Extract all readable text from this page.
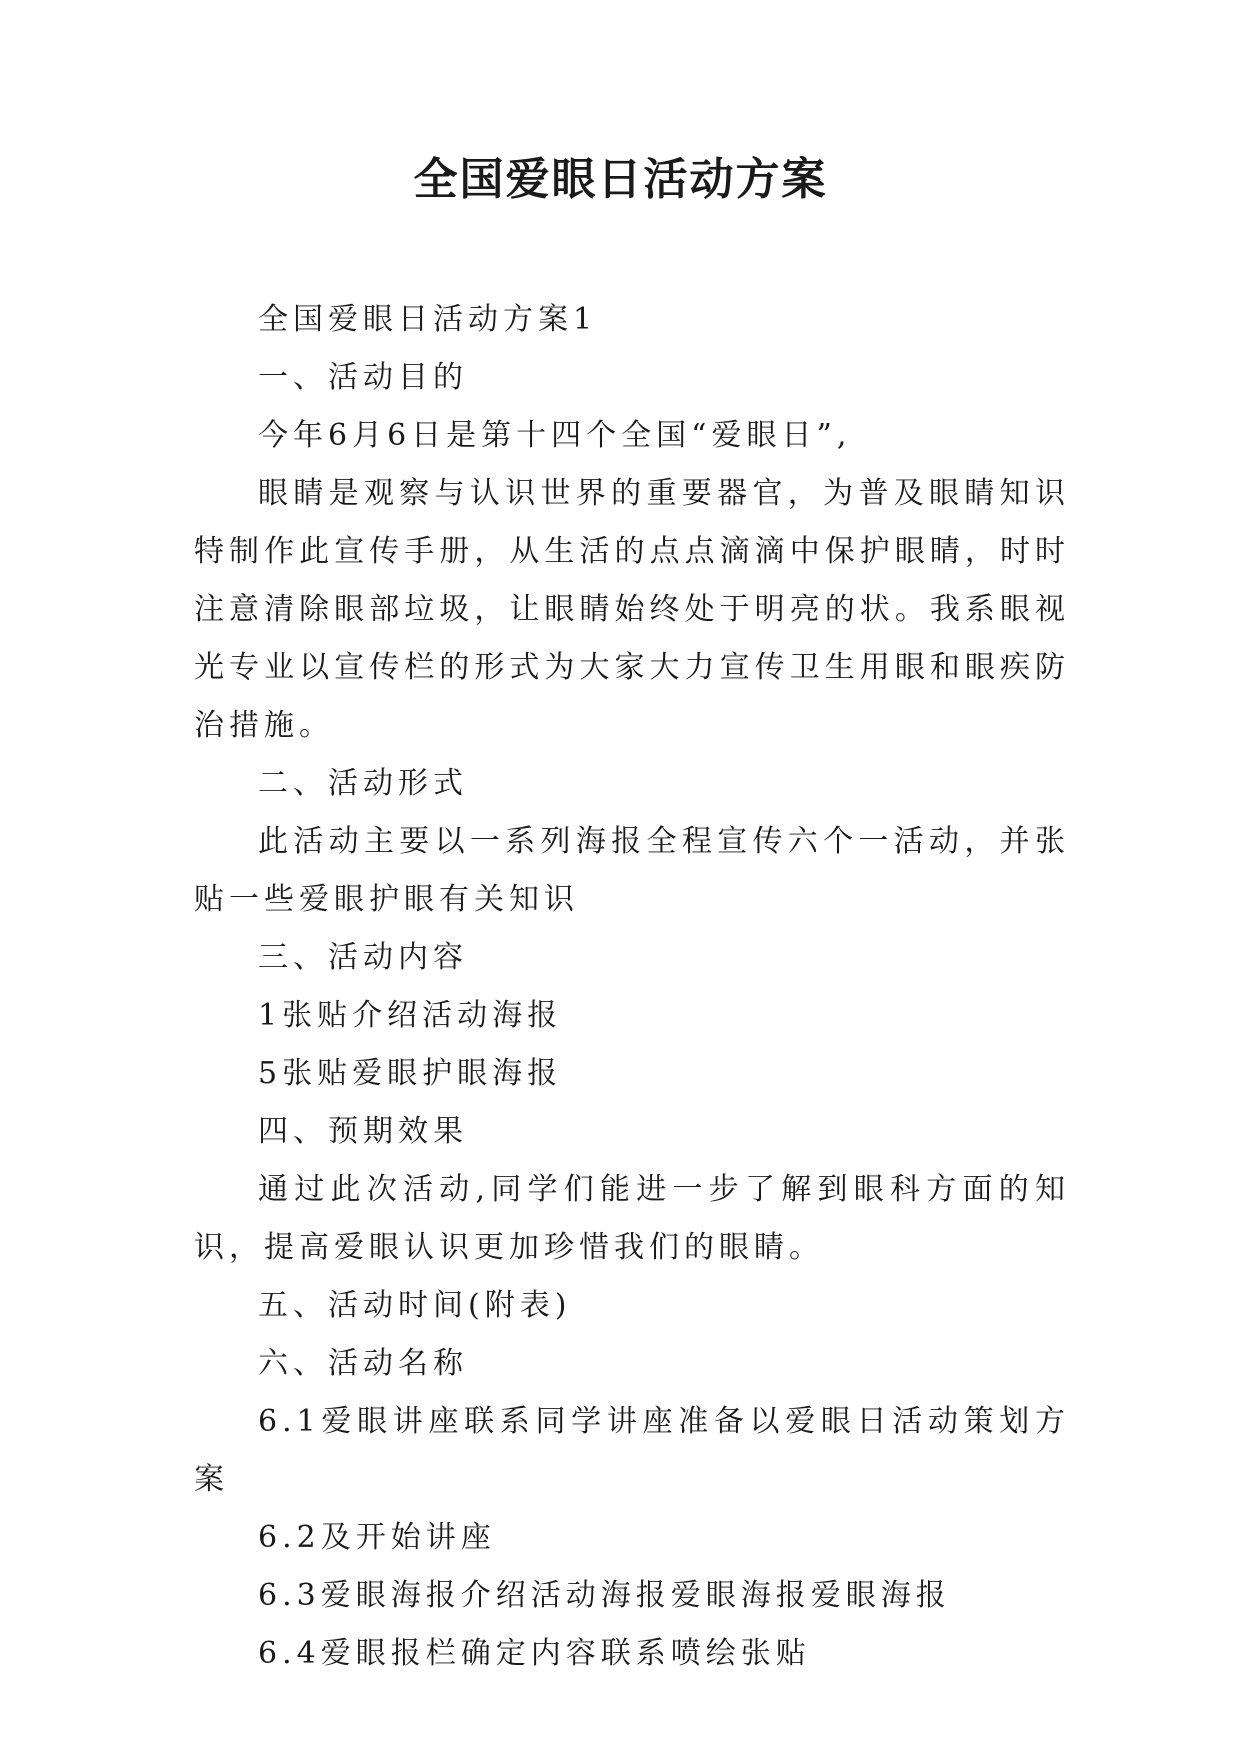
全国爱眼日活动方案

全国爱眼日活动方案1

一、活动目的

今年6月6日是第十四个全国“爱眼日”,

眼睛是观察与认识世界的重要器官，为普及眼睛知识特制作此宣传手册，从生活的点点滴滴中保护眼睛，时时注意清除眼部垃圾，让眼睛始终处于明亮的状。我系眼视光专业以宣传栏的形式为大家大力宣传卫生用眼和眼疾防治措施。

二、活动形式

此活动主要以一系列海报全程宣传六个一活动，并张贴一些爱眼护眼有关知识

三、活动内容

1张贴介绍活动海报

5张贴爱眼护眼海报

四、预期效果

通过此次活动,同学们能进一步了解到眼科方面的知识，提高爱眼认识更加珍惜我们的眼睛。

五、活动时间(附表)

六、活动名称

6.1爱眼讲座联系同学讲座准备以爱眼日活动策划方案

6.2及开始讲座

6.3爱眼海报介绍活动海报爱眼海报爱眼海报

6.4爱眼报栏确定内容联系喷绘张贴
